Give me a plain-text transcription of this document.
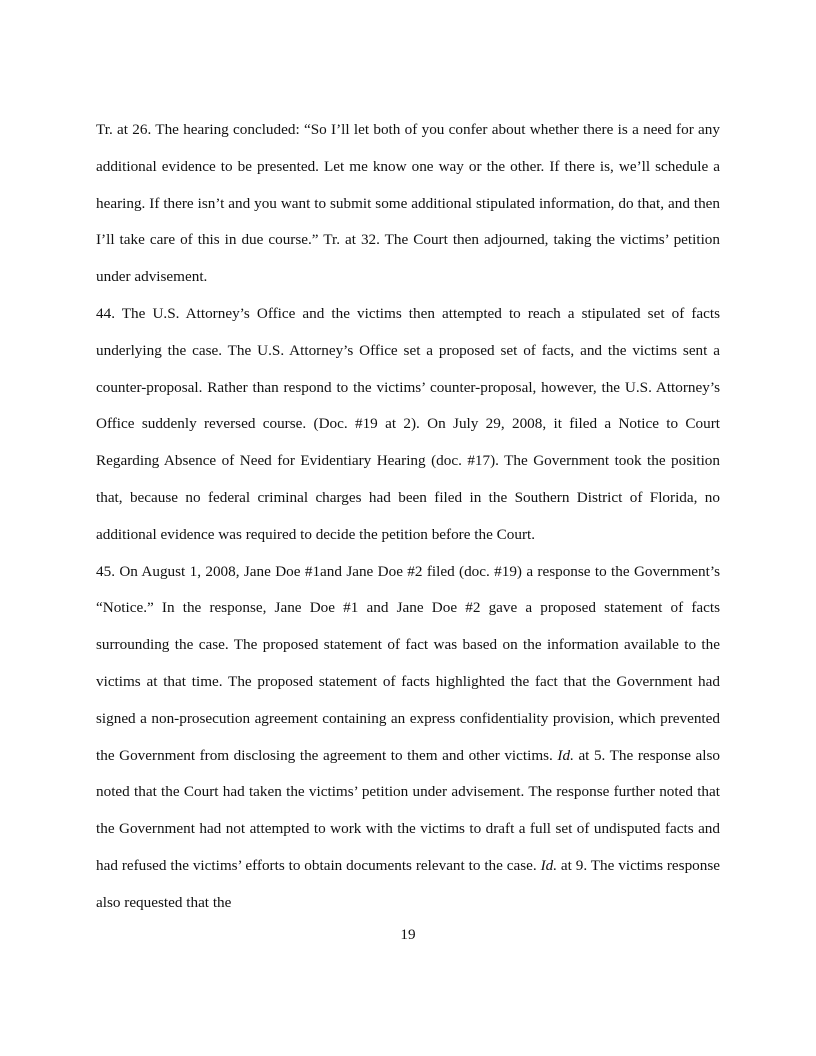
Tr. at 26. The hearing concluded: “So I’ll let both of you confer about whether there is a need for any additional evidence to be presented. Let me know one way or the other. If there is, we’ll schedule a hearing. If there isn’t and you want to submit some additional stipulated information, do that, and then I’ll take care of this in due course.” Tr. at 32. The Court then adjourned, taking the victims’ petition under advisement.

44. The U.S. Attorney’s Office and the victims then attempted to reach a stipulated set of facts underlying the case. The U.S. Attorney’s Office set a proposed set of facts, and the victims sent a counter-proposal. Rather than respond to the victims’ counter-proposal, however, the U.S. Attorney’s Office suddenly reversed course. (Doc. #19 at 2). On July 29, 2008, it filed a Notice to Court Regarding Absence of Need for Evidentiary Hearing (doc. #17). The Government took the position that, because no federal criminal charges had been filed in the Southern District of Florida, no additional evidence was required to decide the petition before the Court.

45. On August 1, 2008, Jane Doe #1and Jane Doe #2 filed (doc. #19) a response to the Government’s “Notice.” In the response, Jane Doe #1 and Jane Doe #2 gave a proposed statement of facts surrounding the case. The proposed statement of fact was based on the information available to the victims at that time. The proposed statement of facts highlighted the fact that the Government had signed a non-prosecution agreement containing an express confidentiality provision, which prevented the Government from disclosing the agreement to them and other victims. Id. at 5. The response also noted that the Court had taken the victims’ petition under advisement. The response further noted that the Government had not attempted to work with the victims to draft a full set of undisputed facts and had refused the victims’ efforts to obtain documents relevant to the case. Id. at 9. The victims response also requested that the

19
